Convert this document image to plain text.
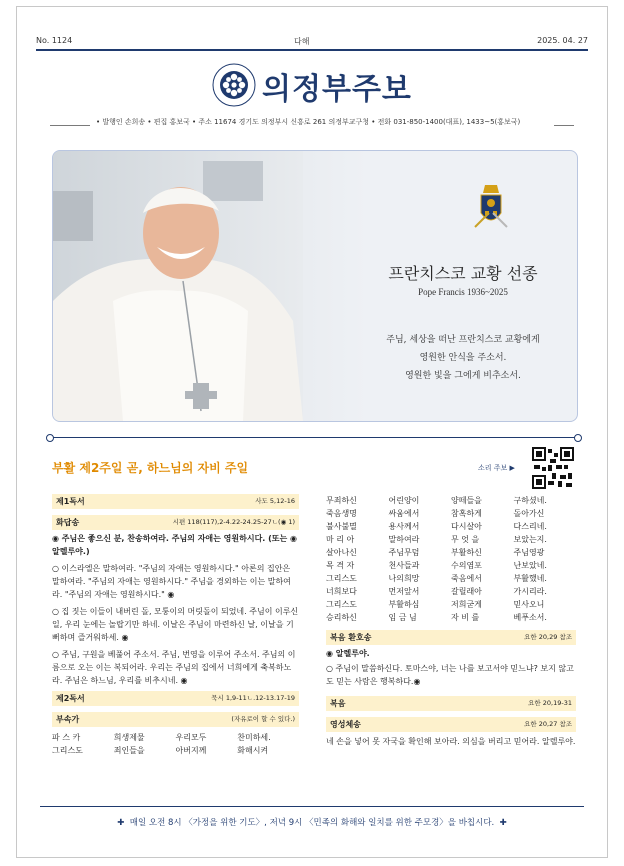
No. 1124	다해	2025. 04. 27
의정부주보
• 발행인 손희송 • 편집 홍보국 • 주소 11674 경기도 의정부시 신흥로 261 의정부교구청 • 전화 031-850-1400(대표), 1433~5(홍보국)
프란치스코 교황 선종
Pope Francis 1936~2025
주님, 세상을 떠난 프란치스코 교황에게
영원한 안식을 주소서.
영원한 빛을 그에게 비추소서.
부활 제2주일 곧, 하느님의 자비 주일	소리 주보 ▶
제1독서	사도 5,12-16
화답송	시편 118(117),2-4.22-24.25-27ㄴ(◉ 1)

◉ 주님은 좋으신 분, 찬송하여라. 주님의 자애는 영원하시다. (또는 ◉ 알렐루야.)

○ 이스라엘은 말하여라. "주님의 자애는 영원하시다." 아론의 집안은 말하여라. "주님의 자애는 영원하시다." 주님을 경외하는 이는 말하여라. "주님의 자애는 영원하시다." ◉

○ 집 짓는 이들이 내버린 돌, 모퉁이의 머릿돌이 되었네. 주님이 이루신 일, 우리 눈에는 놀랍기만 하네. 이날은 주님이 마련하신 날, 이날을 기뻐하며 즐거워하세. ◉

○ 주님, 구원을 베풀어 주소서. 주님, 번영을 이루어 주소서. 주님의 이름으로 오는 이는 복되어라. 우리는 주님의 집에서 너희에게 축복하노라. 주님은 하느님, 우리를 비추시네. ◉

제2독서	묵시 1,9-11ㄴ.12-13.17-19
부속가	(자유로이 할 수 있다.)
파 스 카	희생제물	우리모두	찬미하세.
그리스도	죄인들을	아버지께	화해시켜
무죄하신	어린양이	양떼들을	구하셨네.
죽음생명	싸움에서	참혹하게	돌아가신
불사불멸	용사께서	다시살아	다스리네.
마 리 아	말하여라	무 엇 을	보았는지.
살아나신	주님무덤	부활하신	주님영광
목 격 자	천사들과	수의염포	난보았네.
그리스도	나의희망	죽음에서	부활했네.
너희보다	먼저앞서	갈릴래아	가시리라.
그리스도	부활하심	저희굳게	믿사오니
승리하신	임 금 님	자 비 를	베푸소서.
복음 환호송	요한 20,29 참조

◉ 알렐루야.

○ 주님이 말씀하신다. 토마스야, 너는 나를 보고서야 믿느냐? 보지 않고도 믿는 사람은 행복하다.◉

복음	요한 20,19-31
영성체송	요한 20,27 참조

네 손을 넣어 못 자국을 확인해 보아라. 의심을 버리고 믿어라. 알렐루야.

✚ 매일 오전 8시 〈가정을 위한 기도〉, 저녁 9시 〈민족의 화해와 일치를 위한 주모경〉을 바칩시다. ✚
